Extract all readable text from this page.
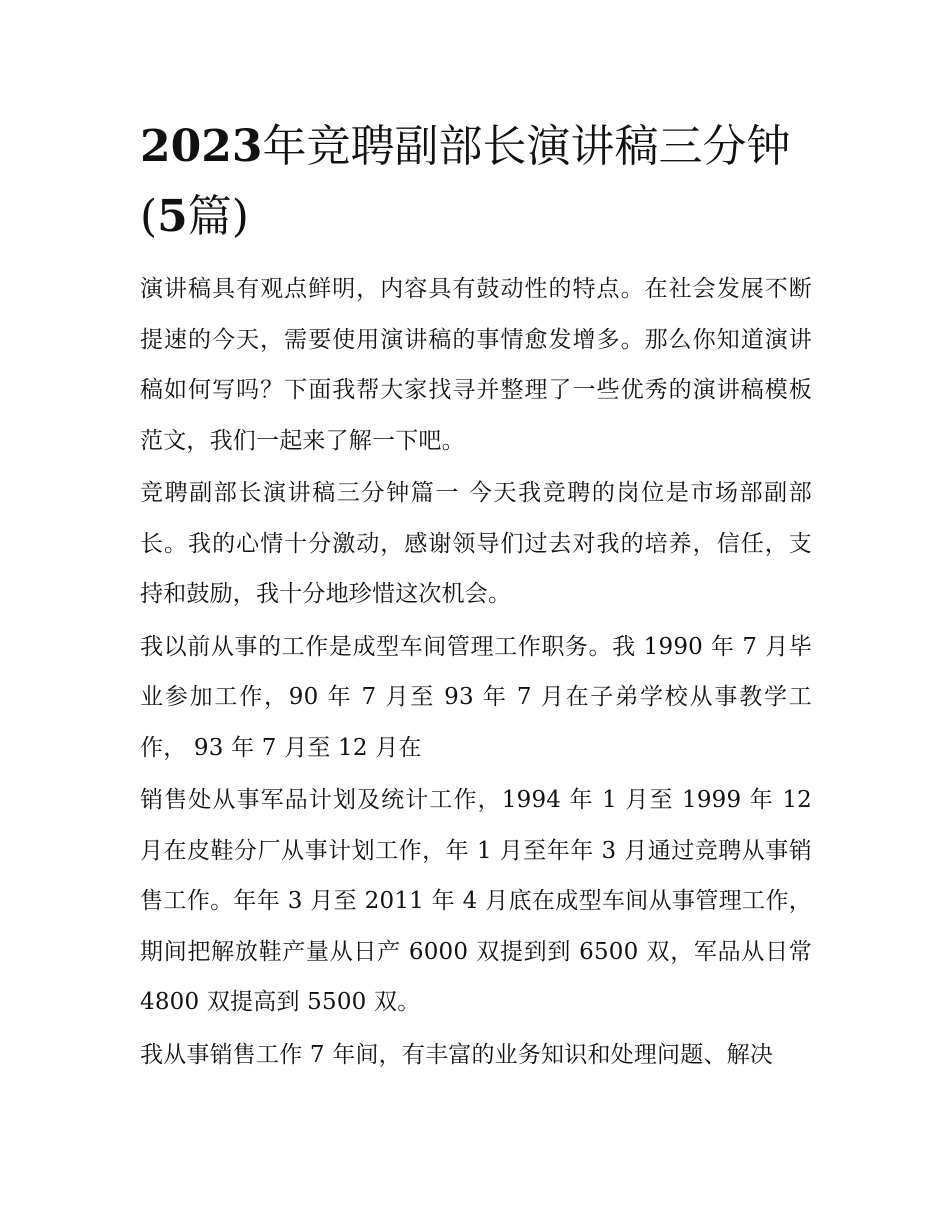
2023年竞聘副部长演讲稿三分钟(5篇)

演讲稿具有观点鲜明，内容具有鼓动性的特点。在社会发展不断提速的今天，需要使用演讲稿的事情愈发增多。那么你知道演讲稿如何写吗？下面我帮大家找寻并整理了一些优秀的演讲稿模板范文，我们一起来了解一下吧。

竞聘副部长演讲稿三分钟篇一 今天我竞聘的岗位是市场部副部长。我的心情十分激动，感谢领导们过去对我的培养，信任，支持和鼓励，我十分地珍惜这次机会。

我以前从事的工作是成型车间管理工作职务。我 1990 年 7 月毕业参加工作，90 年 7 月至 93 年 7 月在子弟学校从事教学工作， 93 年 7 月至 12 月在

销售处从事军品计划及统计工作，1994 年 1 月至 1999 年 12 月在皮鞋分厂从事计划工作，年 1 月至年年 3 月通过竞聘从事销售工作。年年 3 月至 2011 年 4 月底在成型车间从事管理工作，期间把解放鞋产量从日产 6000 双提到到 6500 双，军品从日常 4800 双提高到 5500 双。

我从事销售工作 7 年间，有丰富的业务知识和处理问题、解决
